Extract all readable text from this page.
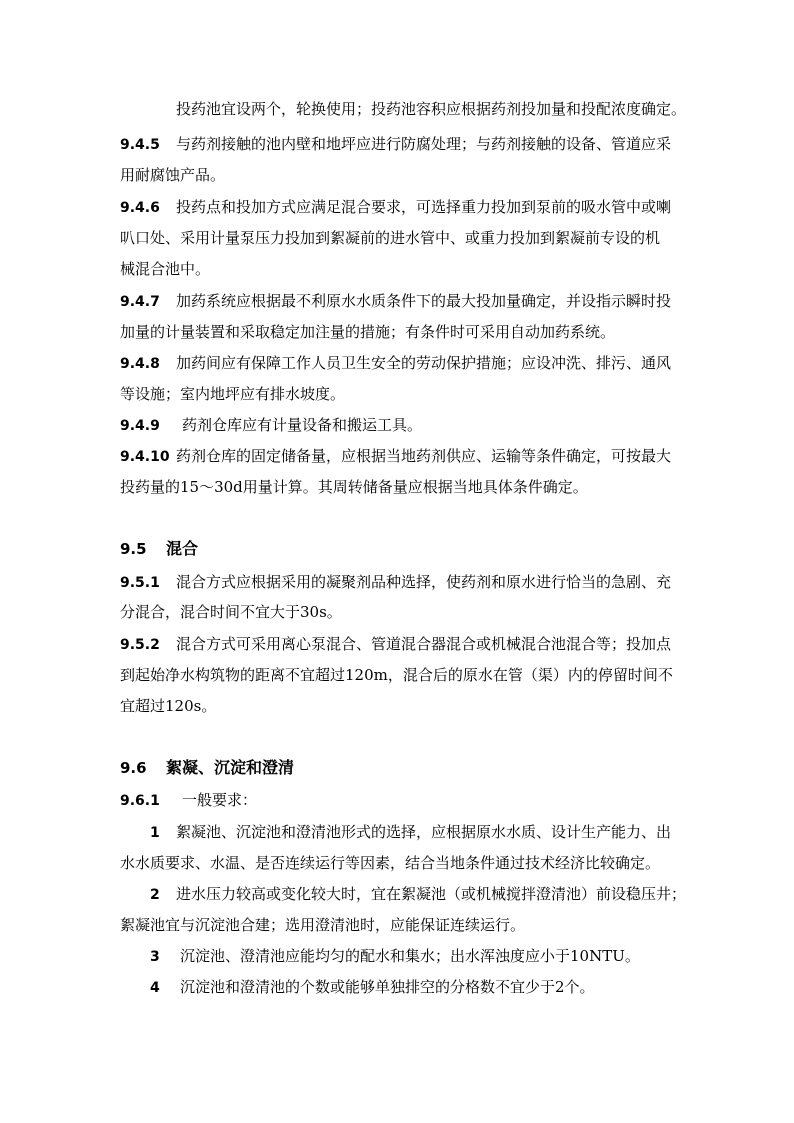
投药池宜设两个，轮换使用；投药池容积应根据药剂投加量和投配浓度确定。
9.4.5 与药剂接触的池内壁和地坪应进行防腐处理；与药剂接触的设备、管道应采
用耐腐蚀产品。
9.4.6 投药点和投加方式应满足混合要求，可选择重力投加到泵前的吸水管中或喇
叭口处、采用计量泵压力投加到絮凝前的进水管中、或重力投加到絮凝前专设的机
械混合池中。
9.4.7 加药系统应根据最不利原水水质条件下的最大投加量确定，并设指示瞬时投
加量的计量装置和采取稳定加注量的措施；有条件时可采用自动加药系统。
9.4.8 加药间应有保障工作人员卫生安全的劳动保护措施；应设冲洗、排污、通风
等设施；室内地坪应有排水坡度。
9.4.9 药剂仓库应有计量设备和搬运工具。
9.4.10 药剂仓库的固定储备量，应根据当地药剂供应、运输等条件确定，可按最大
投药量的15～30d用量计算。其周转储备量应根据当地具体条件确定。
9.5 混合
9.5.1 混合方式应根据采用的凝聚剂品种选择，使药剂和原水进行恰当的急剧、充
分混合，混合时间不宜大于30s。
9.5.2 混合方式可采用离心泵混合、管道混合器混合或机械混合池混合等；投加点
到起始净水构筑物的距离不宜超过120m，混合后的原水在管（渠）内的停留时间不
宜超过120s。
9.6 絮凝、沉淀和澄清
9.6.1 一般要求：
1 絮凝池、沉淀池和澄清池形式的选择，应根据原水水质、设计生产能力、出
水水质要求、水温、是否连续运行等因素，结合当地条件通过技术经济比较确定。
2 进水压力较高或变化较大时，宜在絮凝池（或机械搅拌澄清池）前设稳压井；
絮凝池宜与沉淀池合建；选用澄清池时，应能保证连续运行。
3 沉淀池、澄清池应能均匀的配水和集水；出水浑浊度应小于10NTU。
4 沉淀池和澄清池的个数或能够单独排空的分格数不宜少于2个。
